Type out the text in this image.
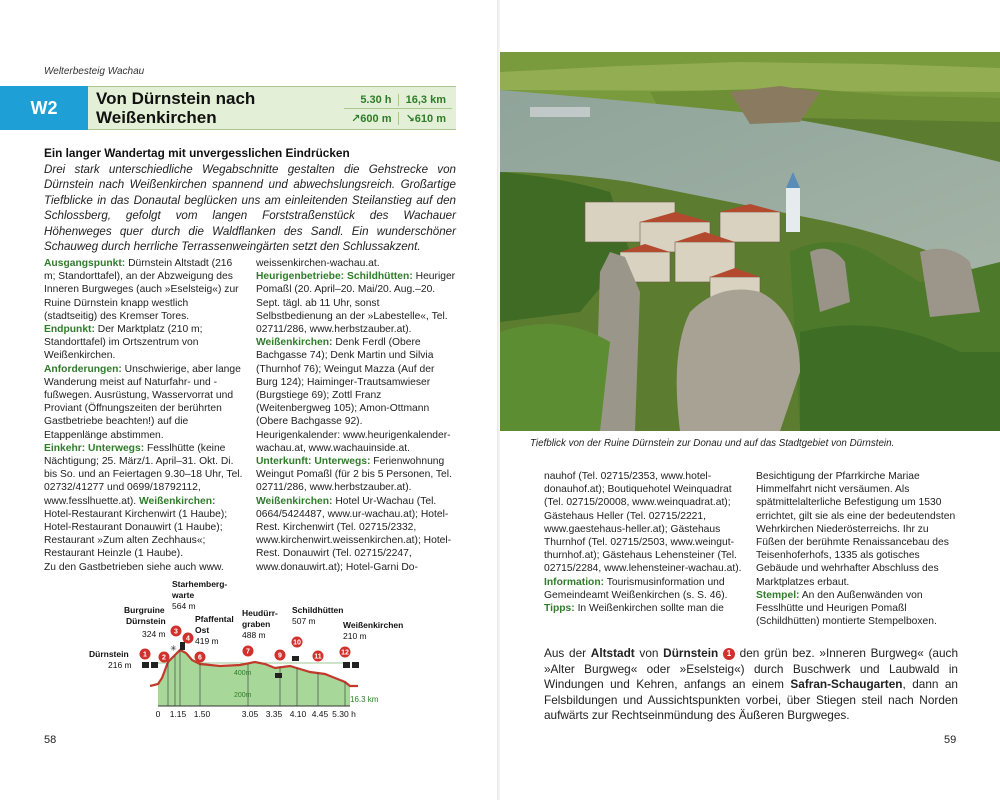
Welterbesteig Wachau
W2	Von Dürnstein nach
Weißenkirchen
5.30 h	16,3 km
↗600 m	↘610 m
Ein langer Wandertag mit unvergesslichen Eindrücken

Drei stark unterschiedliche Wegabschnitte gestalten die Gehstrecke von Dürnstein nach Weißenkirchen spannend und abwechslungsreich. Großartige Tiefblicke in das Donautal beglücken uns am einleitenden Steilanstieg auf den Schlossberg, gefolgt vom langen Forststraßenstück des Wachauer Höhenweges quer durch die Waldflanken des Sandl. Ein wunderschöner Schauweg durch herrliche Terrassenweingärten setzt den Schlussakzent.

Ausgangspunkt: Dürnstein Altstadt (216 m; Standorttafel), an der Abzweigung des Inneren Burgweges (auch »Eselsteig«) zur Ruine Dürnstein knapp westlich (stadtseitig) des Kremser Tores.
Endpunkt: Der Marktplatz (210 m; Standorttafel) im Ortszentrum von Weißenkirchen.
Anforderungen: Unschwierige, aber lange Wanderung meist auf Naturfahr- und -fußwegen. Ausrüstung, Wasservorrat und Proviant (Öffnungszeiten der berührten Gastbetriebe beachten!) auf die Etappenlänge abstimmen.
Einkehr: Unterwegs: Fesslhütte (keine Nächtigung; 25. März/1. April–31. Okt. Di. bis So. und an Feiertagen 9.30–18 Uhr, Tel. 02732/41277 und 0699/18792112, www.fesslhuette.at). Weißenkirchen: Hotel-Restaurant Kirchenwirt (1 Haube); Hotel-Restaurant Donauwirt (1 Haube); Restaurant »Zum alten Zechhaus«; Restaurant Heinzle (1 Haube).
Zu den Gastbetrieben siehe auch www.
weissenkirchen-wachau.at.
Heurigenbetriebe: Schildhütten: Heuriger Pomaßl (20. April–20. Mai/20. Aug.–20. Sept. tägl. ab 11 Uhr, sonst Selbstbedienung an der »Labestelle«, Tel. 02711/286, www.herbstzauber.at). Weißenkirchen: Denk Ferdl (Obere Bachgasse 74); Denk Martin und Silvia (Thurnhof 76); Weingut Mazza (Auf der Burg 124); Haiminger-Trautsamwieser (Burgstiege 69); Zottl Franz (Weitenbergweg 105); Amon-Ottmann (Obere Bachgasse 92).
Heurigenkalender: www.heurigenkalender-wachau.at, www.wachauinside.at.
Unterkunft: Unterwegs: Ferienwohnung Weingut Pomaßl (für 2 bis 5 Personen, Tel. 02711/286, www.herbstzauber.at). Weißenkirchen: Hotel Ur-Wachau (Tel. 0664/5424487, www.ur-wachau.at); Hotel-Rest. Kirchenwirt (Tel. 02715/2332, www.kirchenwirt.weissenkirchen.at); Hotel-Rest. Donauwirt (Tel. 02715/2247, www.donauwirt.at); Hotel-Garni Do-
400m
200m
1 2
3
4
6
7
9
10
11
12
✳
Dürnstein
216 m
Burgruine
Dürnstein
324 m
Starhemberg-
warte
564 m
Pfaffental
Ost
419 m
Heudürr-
graben
488 m
Schildhütten
507 m	Weißenkirchen
210 m
16.3 km
0 1.15 1.50	3.05 3.35 4.10 4.45 5.30 h
58
Tiefblick von der Ruine Dürnstein zur Donau und auf das Stadtgebiet von Dürnstein.
nauhof (Tel. 02715/2353, www.hotel-donauhof.at); Boutiquehotel Weinquadrat (Tel. 02715/20008, www.weinquadrat.at); Gästehaus Heller (Tel. 02715/2221, www.gaestehaus-heller.at); Gästehaus Thurnhof (Tel. 02715/2503, www.weingut-thurnhof.at); Gästehaus Lehensteiner (Tel. 02715/2284, www.lehensteiner-wachau.at).
Information: Tourismusinformation und Gemeindeamt Weißenkirchen (s. S. 46).
Tipps: In Weißenkirchen sollte man die
Besichtigung der Pfarrkirche Mariae Himmelfahrt nicht versäumen. Als spätmittelalterliche Befestigung um 1530 errichtet, gilt sie als eine der bedeutendsten Wehrkirchen Niederösterreichs. Ihr zu Füßen der berühmte Renaissancebau des Teisenhoferhofs, 1335 als gotisches Gebäude und wehrhafter Abschluss des Marktplatzes erbaut.
Stempel: An den Außenwänden von Fesslhütte und Heurigen Pomaßl (Schildhütten) montierte Stempelboxen.
Aus der Altstadt von Dürnstein 1 den grün bez. »Inneren Burgweg« (auch »Alter Burgweg« oder »Eselsteig«) durch Buschwerk und Laubwald in Windungen und Kehren, anfangs an einem Safran-Schaugarten, dann an Felsbildungen und Aussichtspunkten vorbei, über Stiegen steil nach Norden aufwärts zur Rechtseinmündung des Äußeren Burgweges.
59
